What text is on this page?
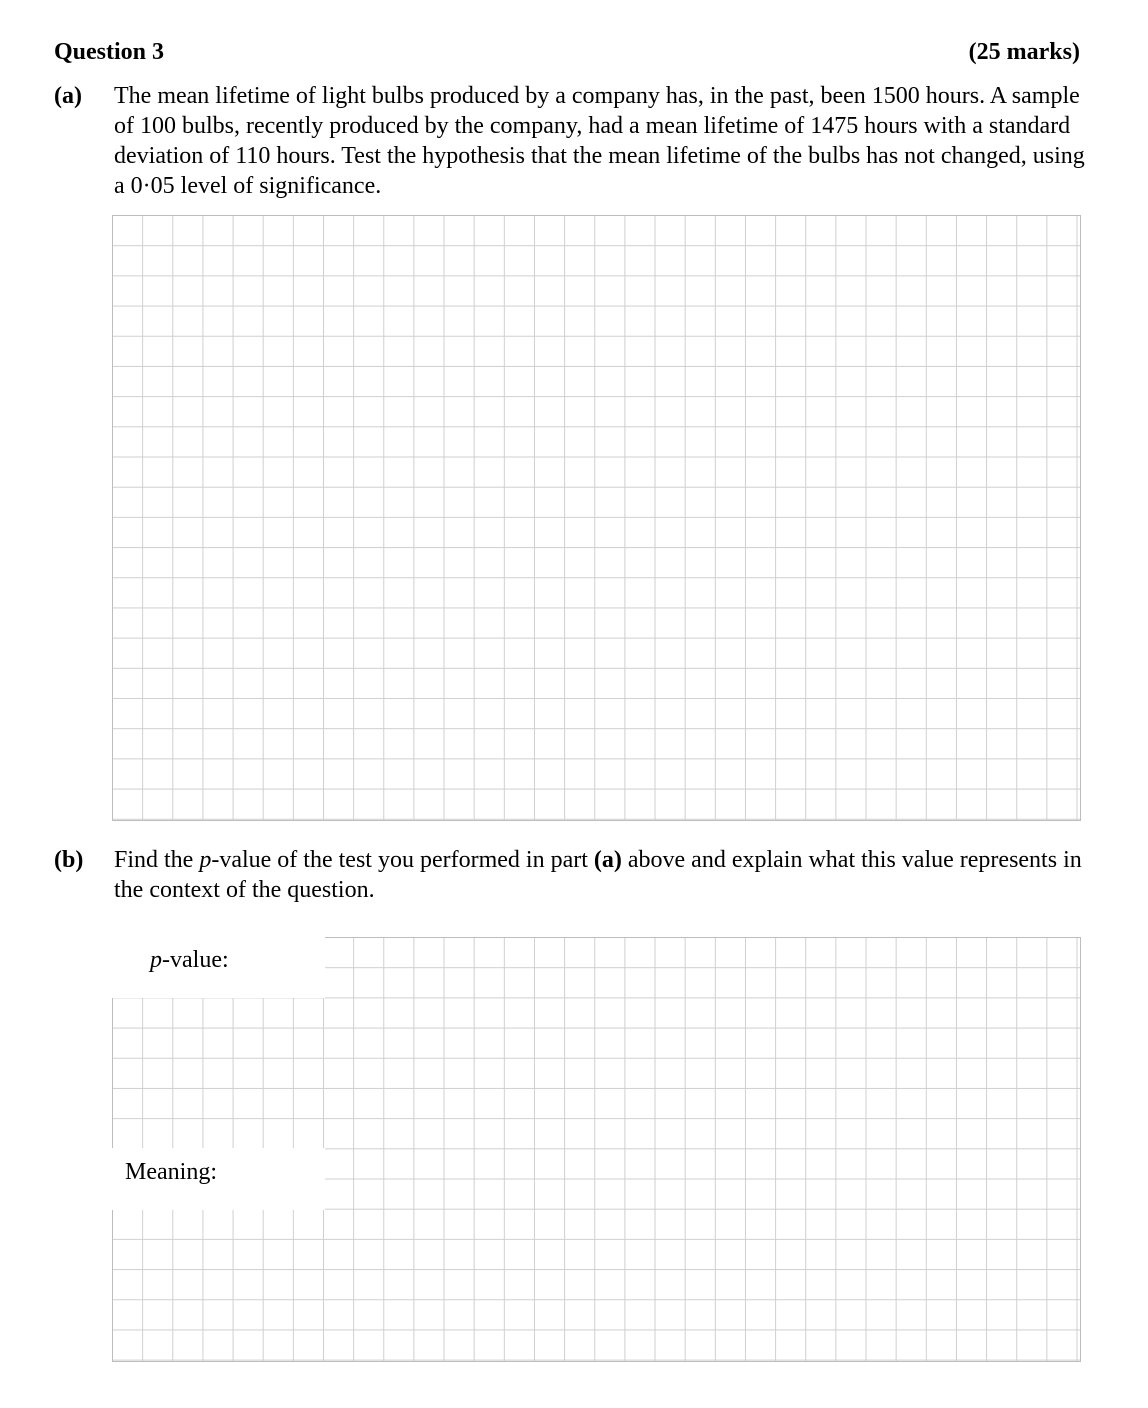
Question 3	(25 marks)
(a) The mean lifetime of light bulbs produced by a company has, in the past, been 1500 hours. A sample of 100 bulbs, recently produced by the company, had a mean lifetime of 1475 hours with a standard deviation of 110 hours. Test the hypothesis that the mean lifetime of the bulbs has not changed, using a 0·05 level of significance.

(b) Find the p-value of the test you performed in part (a) above and explain what this value represents in the context of the question.

p-value:
Meaning:
